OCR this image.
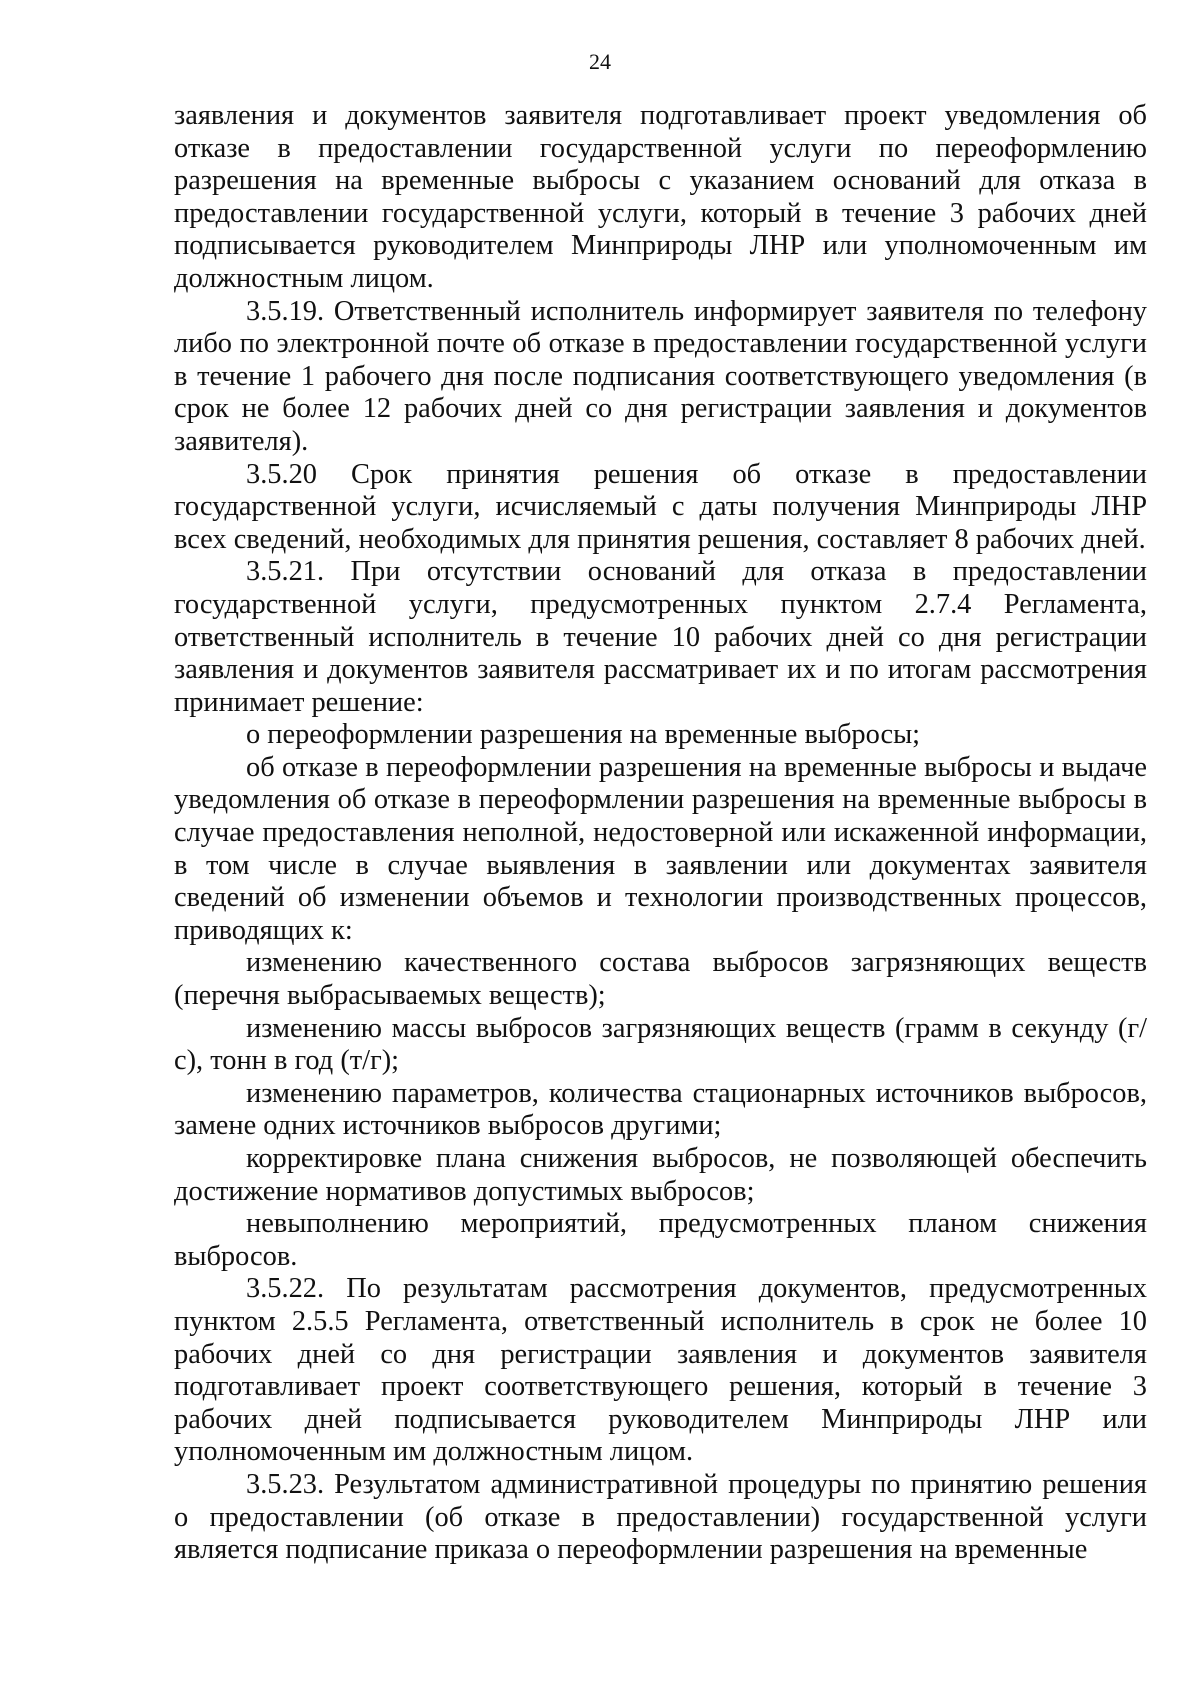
24

заявления и документов заявителя подготавливает проект уведомления об отказе в предоставлении государственной услуги по переоформлению разрешения на временные выбросы с указанием оснований для отказа в предоставлении государственной услуги, который в течение 3 рабочих дней подписывается руководителем Минприроды ЛНР или уполномоченным им должностным лицом.

3.5.19. Ответственный исполнитель информирует заявителя по телефону либо по электронной почте об отказе в предоставлении государственной услуги в течение 1 рабочего дня после подписания соответствующего уведомления (в срок не более 12 рабочих дней со дня регистрации заявления и документов заявителя).

3.5.20 Срок принятия решения об отказе в предоставлении государственной услуги, исчисляемый с даты получения Минприроды ЛНР всех сведений, необходимых для принятия решения, составляет 8 рабочих дней.

3.5.21. При отсутствии оснований для отказа в предоставлении государственной услуги, предусмотренных пунктом 2.7.4 Регламента, ответственный исполнитель в течение 10 рабочих дней со дня регистрации заявления и документов заявителя рассматривает их и по итогам рассмотрения принимает решение:

о переоформлении разрешения на временные выбросы;

об отказе в переоформлении разрешения на временные выбросы и выдаче уведомления об отказе в переоформлении разрешения на временные выбросы в случае предоставления неполной, недостоверной или искаженной информации, в том числе в случае выявления в заявлении или документах заявителя сведений об изменении объемов и технологии производственных процессов, приводящих к:

изменению качественного состава выбросов загрязняющих веществ (перечня выбрасываемых веществ);

изменению массы выбросов загрязняющих веществ (грамм в секунду (г/с), тонн в год (т/г);

изменению параметров, количества стационарных источников выбросов, замене одних источников выбросов другими;

корректировке плана снижения выбросов, не позволяющей обеспечить достижение нормативов допустимых выбросов;

невыполнению мероприятий, предусмотренных планом снижения выбросов.

3.5.22. По результатам рассмотрения документов, предусмотренных пунктом 2.5.5 Регламента, ответственный исполнитель в срок не более 10 рабочих дней со дня регистрации заявления и документов заявителя подготавливает проект соответствующего решения, который в течение 3 рабочих дней подписывается руководителем Минприроды ЛНР или уполномоченным им должностным лицом.

3.5.23. Результатом административной процедуры по принятию решения о предоставлении (об отказе в предоставлении) государственной услуги является подписание приказа о переоформлении разрешения на временные
